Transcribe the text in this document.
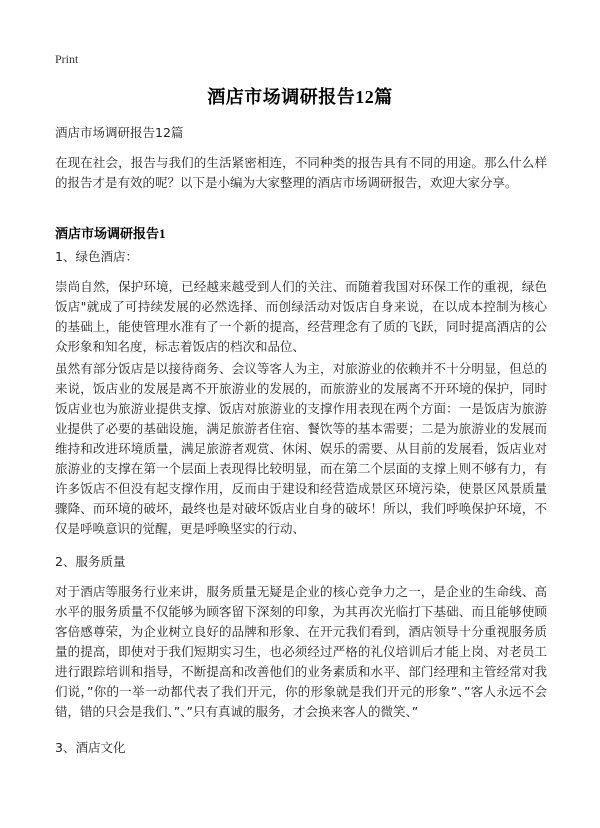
Print
酒店市场调研报告12篇

酒店市场调研报告12篇

在现在社会，报告与我们的生活紧密相连，不同种类的报告具有不同的用途。那么什么样的报告才是有效的呢？以下是小编为大家整理的酒店市场调研报告，欢迎大家分享。

酒店市场调研报告1

1、绿色酒店：

崇尚自然，保护环境，已经越来越受到人们的关注、而随着我国对环保工作的重视，绿色饭店"就成了可持续发展的必然选择、而创绿活动对饭店自身来说，在以成本控制为核心的基础上，能使管理水准有了一个新的提高，经营理念有了质的飞跃，同时提高酒店的公众形象和知名度，标志着饭店的档次和品位、

虽然有部分饭店是以接待商务、会议等客人为主，对旅游业的依赖并不十分明显，但总的来说，饭店业的发展是离不开旅游业的发展的，而旅游业的发展离不开环境的保护，同时饭店业也为旅游业提供支撑、饭店对旅游业的支撑作用表现在两个方面：一是饭店为旅游业提供了必要的基础设施，满足旅游者住宿、餐饮等的基本需要；二是为旅游业的发展而维持和改进环境质量，满足旅游者观赏、休闲、娱乐的需要、从目前的发展看，饭店业对旅游业的支撑在第一个层面上表现得比较明显，而在第二个层面的支撑上则不够有力，有许多饭店不但没有起支撑作用，反而由于建设和经营造成景区环境污染，使景区风景质量骤降、而环境的破坏，最终也是对破坏饭店业自身的破坏！所以，我们呼唤保护环境，不仅是呼唤意识的觉醒，更是呼唤坚实的行动、

2、服务质量

对于酒店等服务行业来讲，服务质量无疑是企业的核心竞争力之一，是企业的生命线、高水平的服务质量不仅能够为顾客留下深刻的印象，为其再次光临打下基础、而且能够使顾客倍感尊荣，为企业树立良好的品牌和形象、在开元我们看到，酒店领导十分重视服务质量的提高，即使对于我们短期实习生，也必须经过严格的礼仪培训后才能上岗、对老员工进行跟踪培训和指导，不断提高和改善他们的业务素质和水平、部门经理和主管经常对我们说，”你的一举一动都代表了我们开元，你的形象就是我们开元的形象”、”客人永远不会错，错的只会是我们、”、”只有真诚的服务，才会换来客人的微笑、”

3、酒店文化
